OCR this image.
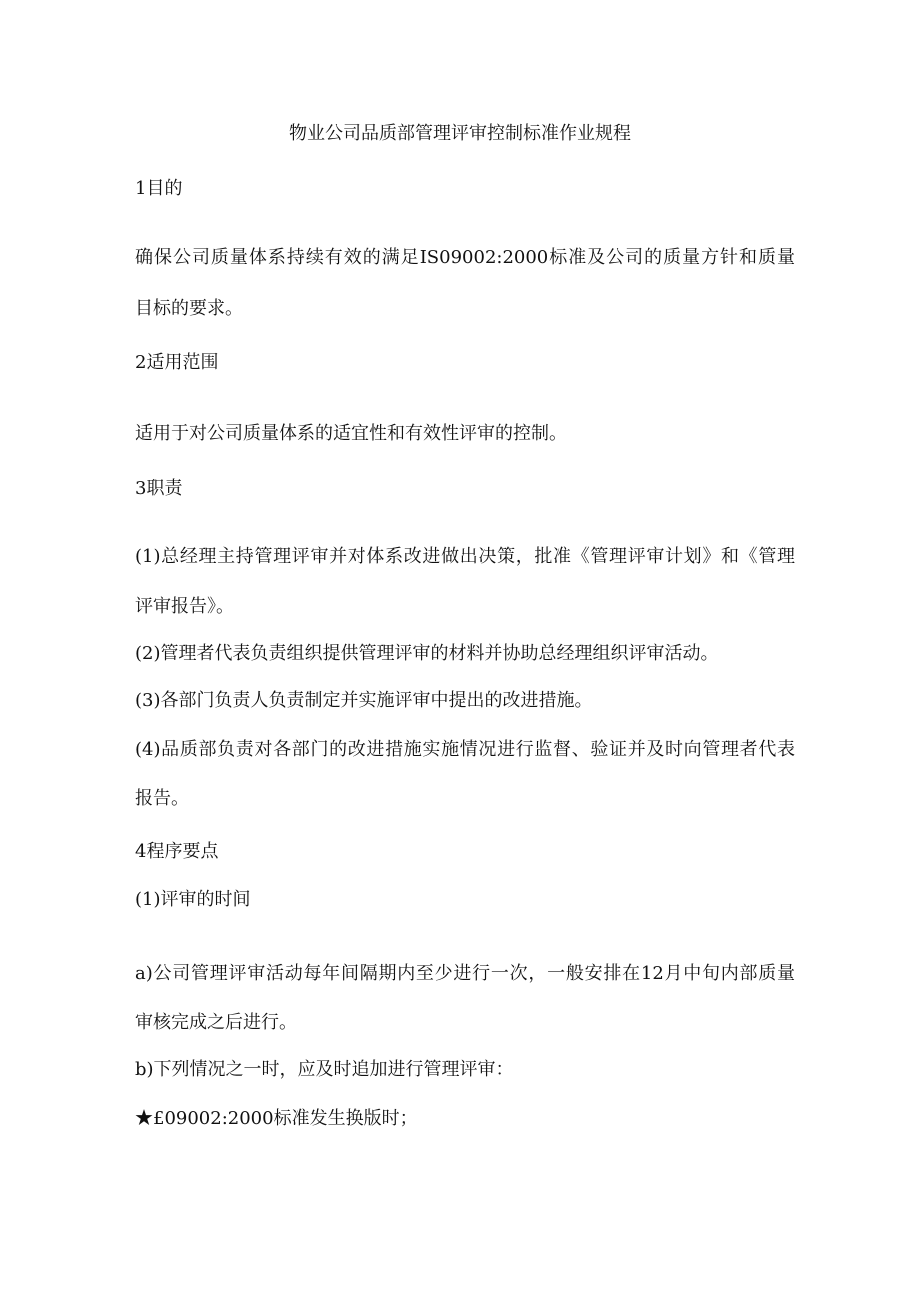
物业公司品质部管理评审控制标准作业规程
1目的
确保公司质量体系持续有效的满足IS09002:2000标准及公司的质量方针和质量
目标的要求。
2适用范围
适用于对公司质量体系的适宜性和有效性评审的控制。
3职责
(1)总经理主持管理评审并对体系改进做出决策，批准《管理评审计划》和《管理
评审报告》。
(2)管理者代表负责组织提供管理评审的材料并协助总经理组织评审活动。
(3)各部门负责人负责制定并实施评审中提出的改进措施。
(4)品质部负责对各部门的改进措施实施情况进行监督、验证并及时向管理者代表
报告。
4程序要点
(1)评审的时间
a)公司管理评审活动每年间隔期内至少进行一次，一般安排在12月中旬内部质量
审核完成之后进行。
b)下列情况之一时，应及时追加进行管理评审：
★£09002:2000标准发生换版时；
